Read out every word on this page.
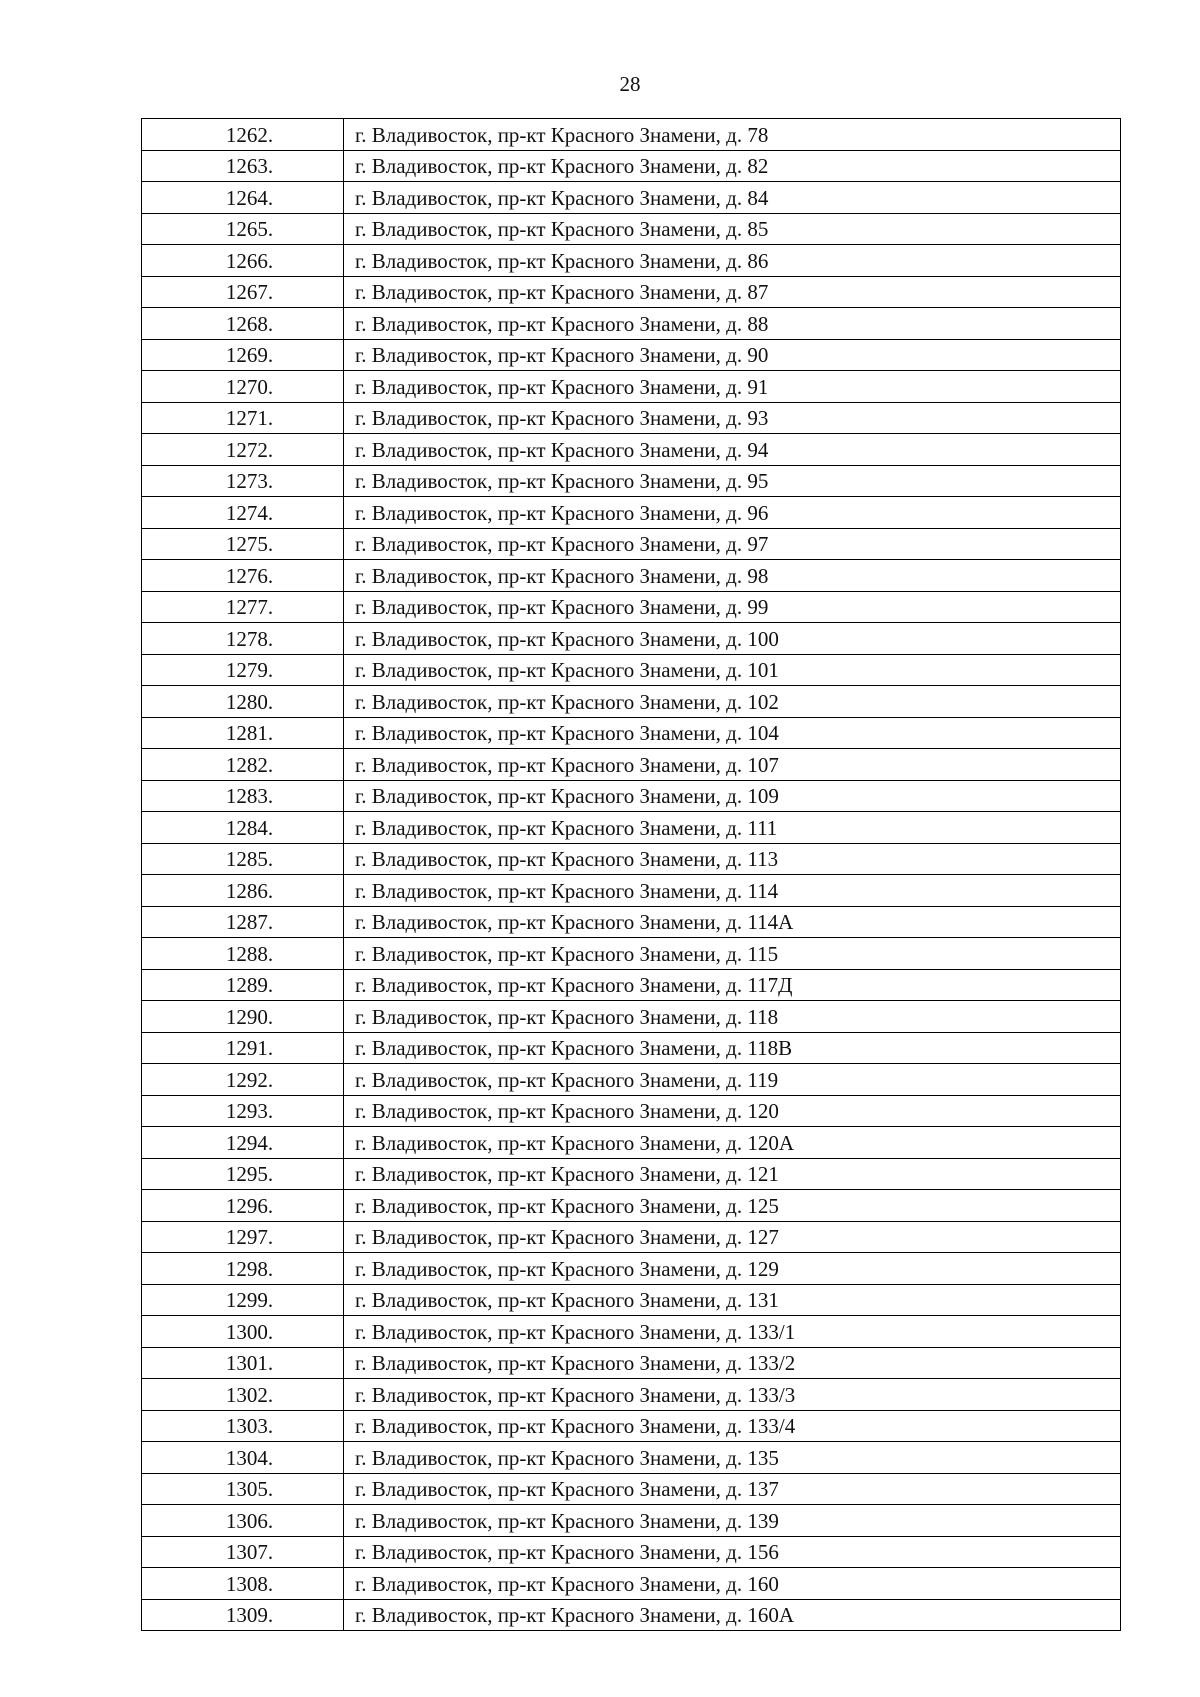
28
1262.	г. Владивосток, пр-кт Красного Знамени, д. 78
1263.	г. Владивосток, пр-кт Красного Знамени, д. 82
1264.	г. Владивосток, пр-кт Красного Знамени, д. 84
1265.	г. Владивосток, пр-кт Красного Знамени, д. 85
1266.	г. Владивосток, пр-кт Красного Знамени, д. 86
1267.	г. Владивосток, пр-кт Красного Знамени, д. 87
1268.	г. Владивосток, пр-кт Красного Знамени, д. 88
1269.	г. Владивосток, пр-кт Красного Знамени, д. 90
1270.	г. Владивосток, пр-кт Красного Знамени, д. 91
1271.	г. Владивосток, пр-кт Красного Знамени, д. 93
1272.	г. Владивосток, пр-кт Красного Знамени, д. 94
1273.	г. Владивосток, пр-кт Красного Знамени, д. 95
1274.	г. Владивосток, пр-кт Красного Знамени, д. 96
1275.	г. Владивосток, пр-кт Красного Знамени, д. 97
1276.	г. Владивосток, пр-кт Красного Знамени, д. 98
1277.	г. Владивосток, пр-кт Красного Знамени, д. 99
1278.	г. Владивосток, пр-кт Красного Знамени, д. 100
1279.	г. Владивосток, пр-кт Красного Знамени, д. 101
1280.	г. Владивосток, пр-кт Красного Знамени, д. 102
1281.	г. Владивосток, пр-кт Красного Знамени, д. 104
1282.	г. Владивосток, пр-кт Красного Знамени, д. 107
1283.	г. Владивосток, пр-кт Красного Знамени, д. 109
1284.	г. Владивосток, пр-кт Красного Знамени, д. 111
1285.	г. Владивосток, пр-кт Красного Знамени, д. 113
1286.	г. Владивосток, пр-кт Красного Знамени, д. 114
1287.	г. Владивосток, пр-кт Красного Знамени, д. 114А
1288.	г. Владивосток, пр-кт Красного Знамени, д. 115
1289.	г. Владивосток, пр-кт Красного Знамени, д. 117Д
1290.	г. Владивосток, пр-кт Красного Знамени, д. 118
1291.	г. Владивосток, пр-кт Красного Знамени, д. 118В
1292.	г. Владивосток, пр-кт Красного Знамени, д. 119
1293.	г. Владивосток, пр-кт Красного Знамени, д. 120
1294.	г. Владивосток, пр-кт Красного Знамени, д. 120А
1295.	г. Владивосток, пр-кт Красного Знамени, д. 121
1296.	г. Владивосток, пр-кт Красного Знамени, д. 125
1297.	г. Владивосток, пр-кт Красного Знамени, д. 127
1298.	г. Владивосток, пр-кт Красного Знамени, д. 129
1299.	г. Владивосток, пр-кт Красного Знамени, д. 131
1300.	г. Владивосток, пр-кт Красного Знамени, д. 133/1
1301.	г. Владивосток, пр-кт Красного Знамени, д. 133/2
1302.	г. Владивосток, пр-кт Красного Знамени, д. 133/3
1303.	г. Владивосток, пр-кт Красного Знамени, д. 133/4
1304.	г. Владивосток, пр-кт Красного Знамени, д. 135
1305.	г. Владивосток, пр-кт Красного Знамени, д. 137
1306.	г. Владивосток, пр-кт Красного Знамени, д. 139
1307.	г. Владивосток, пр-кт Красного Знамени, д. 156
1308.	г. Владивосток, пр-кт Красного Знамени, д. 160
1309.	г. Владивосток, пр-кт Красного Знамени, д. 160А
